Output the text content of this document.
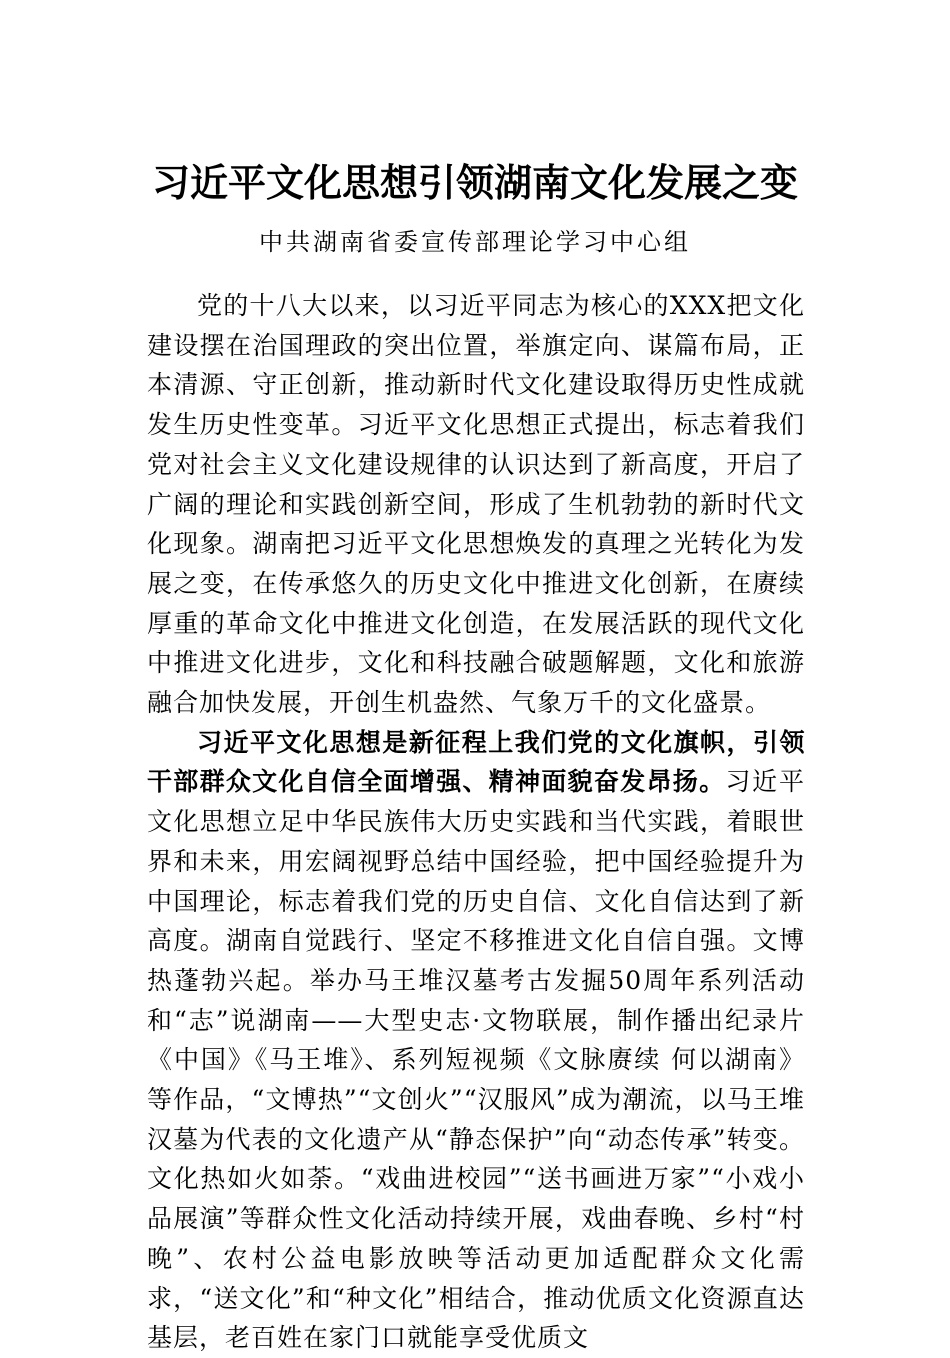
习近平文化思想引领湖南文化发展之变
中共湖南省委宣传部理论学习中心组

党的十八大以来，以习近平同志为核心的XXX把文化建设摆在治国理政的突出位置，举旗定向、谋篇布局，正本清源、守正创新，推动新时代文化建设取得历史性成就发生历史性变革。习近平文化思想正式提出，标志着我们党对社会主义文化建设规律的认识达到了新高度，开启了广阔的理论和实践创新空间，形成了生机勃勃的新时代文化现象。湖南把习近平文化思想焕发的真理之光转化为发展之变，在传承悠久的历史文化中推进文化创新，在赓续厚重的革命文化中推进文化创造，在发展活跃的现代文化中推进文化进步，文化和科技融合破题解题，文化和旅游融合加快发展，开创生机盎然、气象万千的文化盛景。

习近平文化思想是新征程上我们党的文化旗帜，引领干部群众文化自信全面增强、精神面貌奋发昂扬。习近平文化思想立足中华民族伟大历史实践和当代实践，着眼世界和未来，用宏阔视野总结中国经验，把中国经验提升为中国理论，标志着我们党的历史自信、文化自信达到了新高度。湖南自觉践行、坚定不移推进文化自信自强。文博热蓬勃兴起。举办马王堆汉墓考古发掘50周年系列活动和“志”说湖南——大型史志·文物联展，制作播出纪录片《中国》《马王堆》、系列短视频《文脉赓续 何以湖南》等作品，“文博热”“文创火”“汉服风”成为潮流，以马王堆汉墓为代表的文化遗产从“静态保护”向“动态传承”转变。文化热如火如荼。“戏曲进校园”“送书画进万家”“小戏小品展演”等群众性文化活动持续开展，戏曲春晚、乡村“村晚”、农村公益电影放映等活动更加适配群众文化需求，“送文化”和“种文化”相结合，推动优质文化资源直达基层，老百姓在家门口就能享受优质文
